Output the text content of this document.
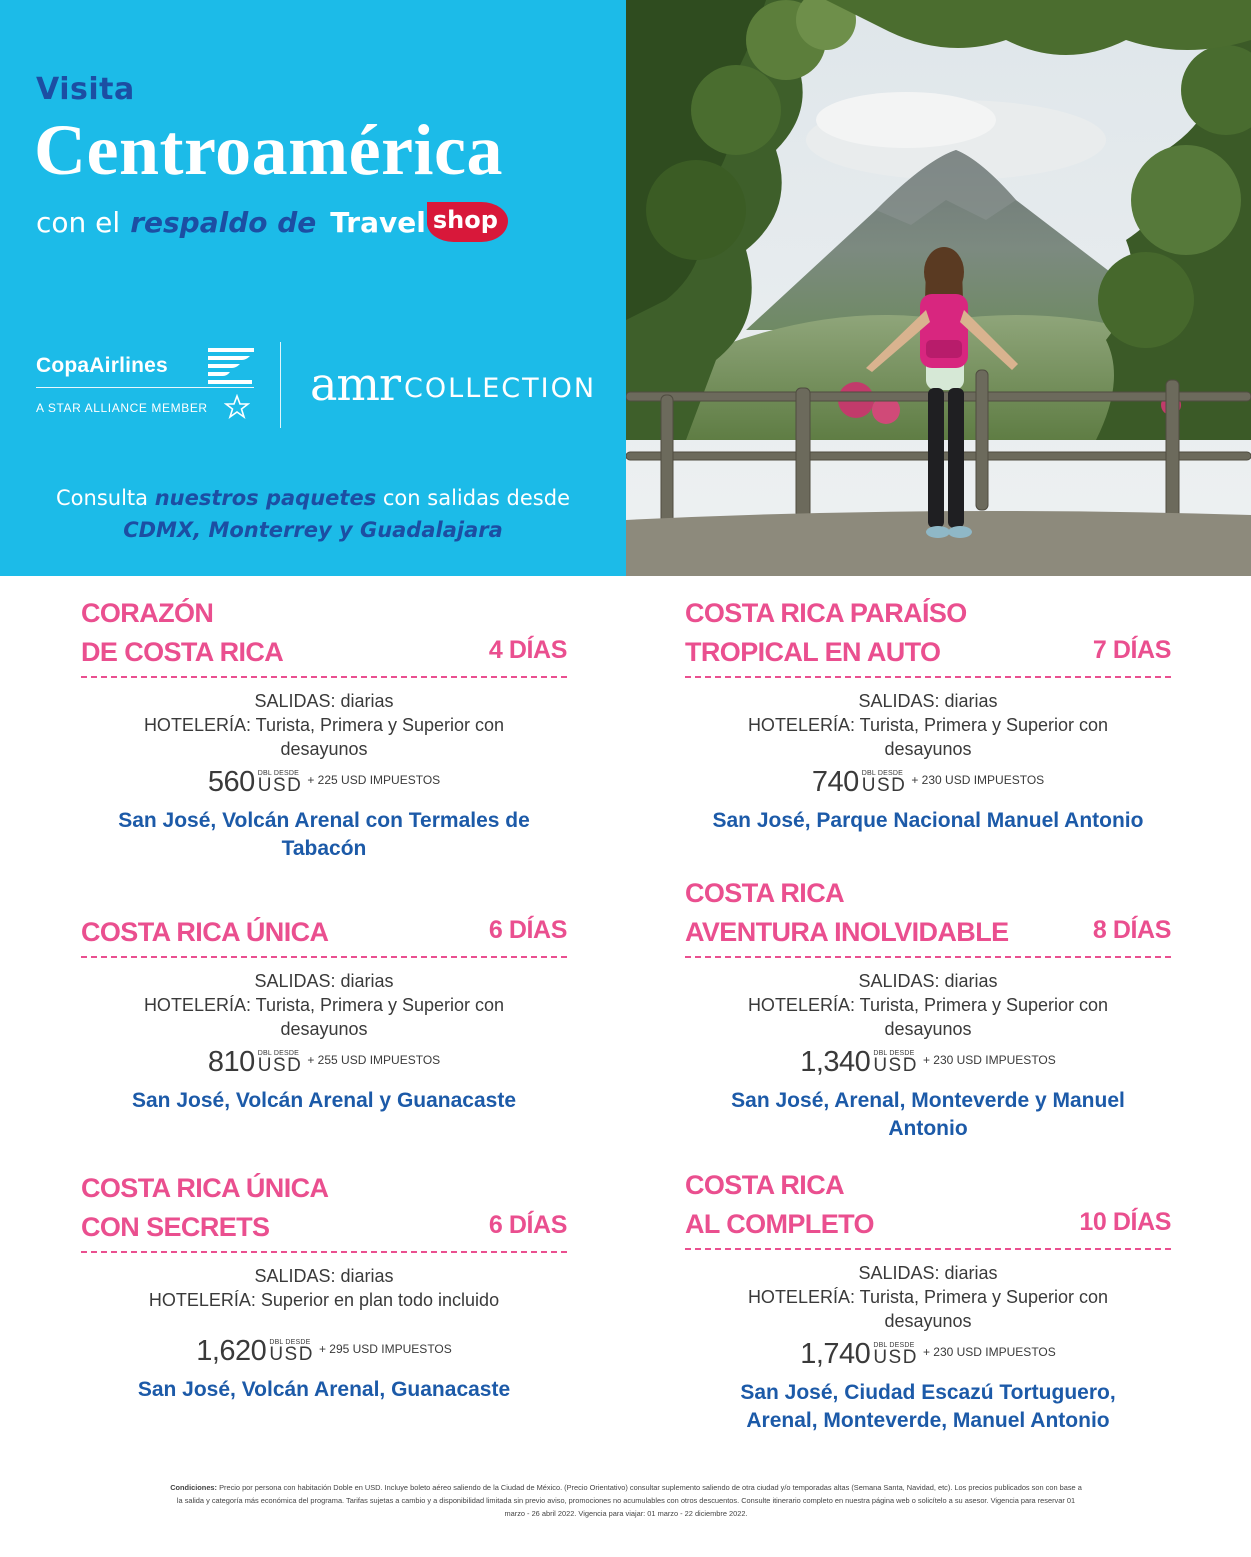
Visita
Centroamérica
con el respaldo de Travel shop
CopaAirlines
A STAR ALLIANCE MEMBER amr COLLECTION
Consulta nuestros paquetes con salidas desde
CDMX, Monterrey y Guadalajara
CORAZÓN
DE COSTA RICA	4 DÍAS
SALIDAS: diarias
HOTELERÍA: Turista, Primera y Superior con
desayunos
560 DBL DESDE
USD + 225 USD IMPUESTOS
San José, Volcán Arenal con Termales de
Tabacón
COSTA RICA PARAÍSO
TROPICAL EN AUTO	7 DÍAS
SALIDAS: diarias
HOTELERÍA: Turista, Primera y Superior con
desayunos
740 DBL DESDE
USD + 230 USD IMPUESTOS
San José, Parque Nacional Manuel Antonio
COSTA RICA ÚNICA	6 DÍAS
SALIDAS: diarias
HOTELERÍA: Turista, Primera y Superior con
desayunos
810 DBL DESDE
USD + 255 USD IMPUESTOS
San José, Volcán Arenal y Guanacaste
COSTA RICA
AVENTURA INOLVIDABLE	8 DÍAS
SALIDAS: diarias
HOTELERÍA: Turista, Primera y Superior con
desayunos
1,340 DBL DESDE
USD + 230 USD IMPUESTOS
San José, Arenal, Monteverde y Manuel
Antonio
COSTA RICA ÚNICA
CON SECRETS	6 DÍAS
SALIDAS: diarias
HOTELERÍA: Superior en plan todo incluido
1,620 DBL DESDE
USD + 295 USD IMPUESTOS
San José, Volcán Arenal, Guanacaste
COSTA RICA
AL COMPLETO	10 DÍAS
SALIDAS: diarias
HOTELERÍA: Turista, Primera y Superior con
desayunos
1,740 DBL DESDE
USD + 230 USD IMPUESTOS
San José, Ciudad Escazú Tortuguero,
Arenal, Monteverde, Manuel Antonio
Condiciones: Precio por persona con habitación Doble en USD. Incluye boleto aéreo saliendo de la Ciudad de México. (Precio Orientativo) consultar suplemento saliendo de otra ciudad y/o temporadas altas (Semana Santa, Navidad, etc). Los precios publicados son con base a la salida y categoría más económica del programa. Tarifas sujetas a cambio y a disponibilidad limitada sin previo aviso, promociones no acumulables con otros descuentos. Consulte itinerario completo en nuestra página web o solicítelo a su asesor. Vigencia para reservar 01 marzo - 26 abril 2022. Vigencia para viajar: 01 marzo - 22 diciembre 2022.
